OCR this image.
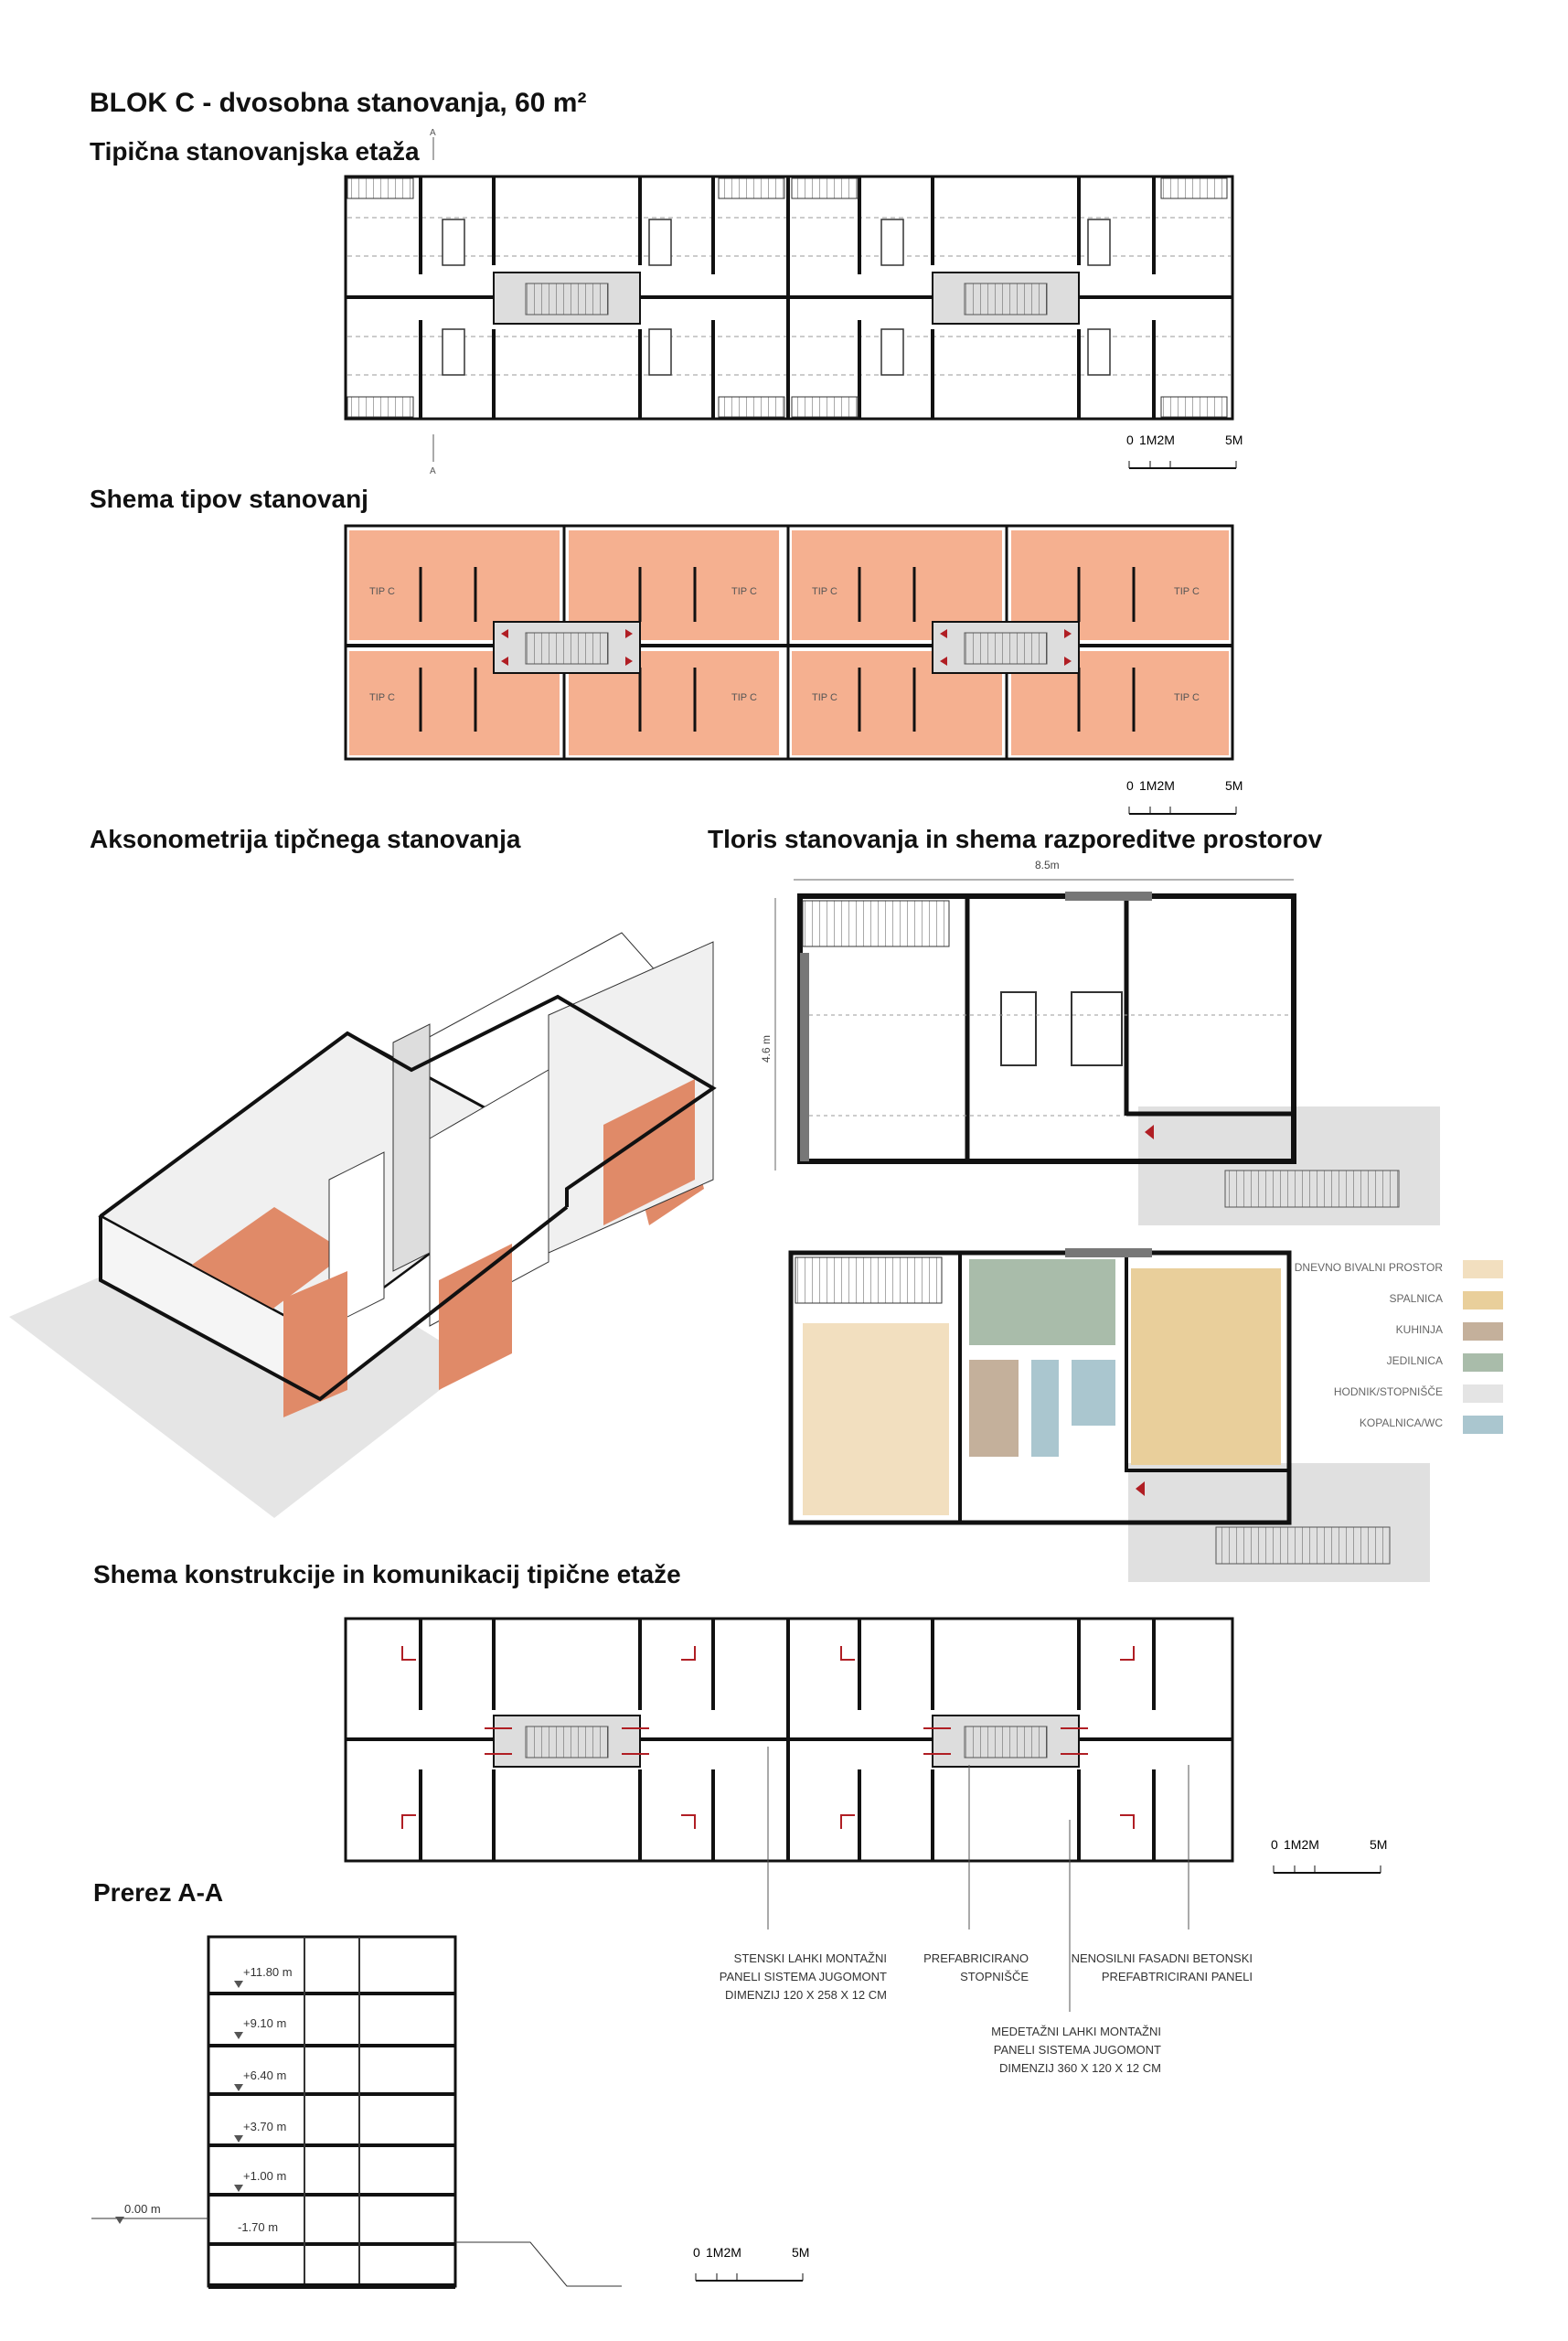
BLOK C - dvosobna stanovanja, 60 m²
Tipična stanovanjska etaža
Shema tipov stanovanj
Aksonometrija tipčnega stanovanja	Tloris stanovanja in shema razporeditve prostorov
Shema konstrukcije in komunikacij tipične etaže
Prerez A-A
A
A
0 1M2M	5M
TIP C	TIP C	TIP C	TIP C
TIP C	TIP C	TIP C	TIP C
0 1M2M	5M
8.5m
4.6 m
DNEVNO BIVALNI PROSTOR
SPALNICA
KUHINJA
JEDILNICA
HODNIK/STOPNIŠČE
KOPALNICA/WC
0 1M2M	5M
STENSKI LAHKI MONTAŽNI
PANELI SISTEMA JUGOMONT
DIMENZIJ 120 X 258 X 12 CM
PREFABRICIRANO
STOPNIŠČE
NENOSILNI FASADNI BETONSKI
PREFABTRICIRANI PANELI
MEDETAŽNI LAHKI MONTAŽNI
PANELI SISTEMA JUGOMONT
DIMENZIJ 360 X 120 X 12 CM
+11.80 m
+9.10 m
+6.40 m
+3.70 m
+1.00 m
0.00 m
-1.70 m
0 1M2M	5M
